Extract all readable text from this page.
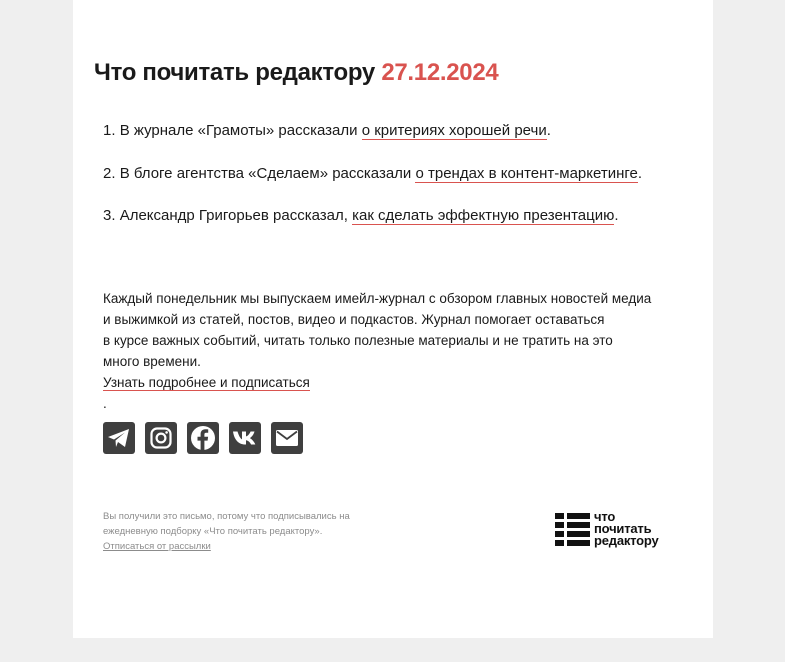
Что почитать редактору 27.12.2024
1. В журнале «Грамоты» рассказали о критериях хорошей речи.
2. В блоге агентства «Сделаем» рассказали о трендах в контент-маркетинге.
3. Александр Григорьев рассказал, как сделать эффектную презентацию.

Каждый понедельник мы выпускаем имейл-журнал с обзором главных новостей медиа
и выжимкой из статей, постов, видео и подкастов. Журнал помогает оставаться
в курсе важных событий, читать только полезные материалы и не тратить на это
много времени.
Узнать подробнее и подписаться
.

Вы получили это письмо, потому что подписывались на
ежедневную подборку «Что почитать редактору».
Отписаться от рассылки
что
почитать
редактору
